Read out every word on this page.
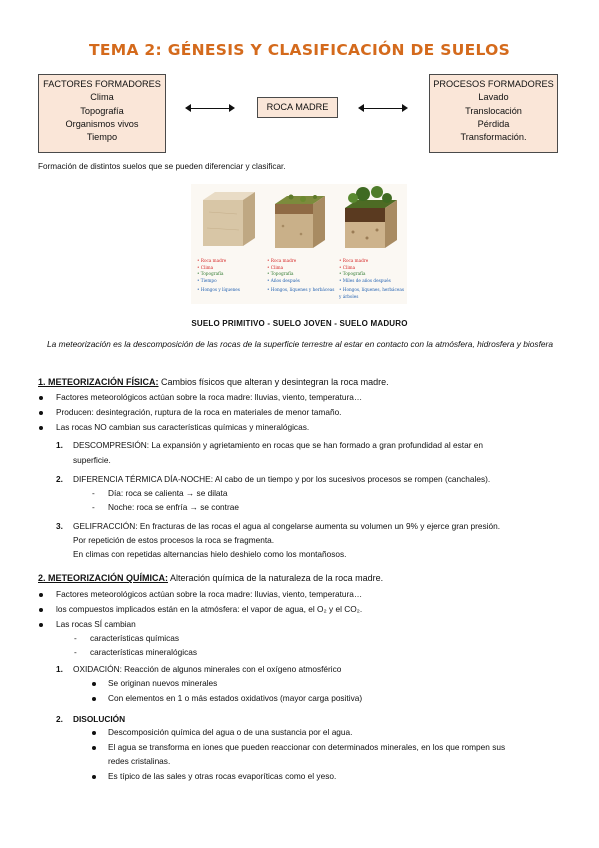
TEMA 2: GÉNESIS Y CLASIFICACIÓN DE SUELOS
FACTORES FORMADORES
Clima
Topografía
Organismos vivos
Tiempo
ROCA MADRE
PROCESOS FORMADORES
Lavado
Translocación
Pérdida
Transformación.
Formación de distintos suelos que se pueden diferenciar y clasificar.
• Roca madre
• Clima
• Topografía
• Tiempo
• Hongos y líquenes
• Roca madre
• Clima
• Topografía
• Años después
• Hongos, líquenes y herbáceas
• Roca madre
• Clima
• Topografía
• Miles de años después
• Hongos, líquenes, herbáceas y árboles
SUELO PRIMITIVO - SUELO JOVEN - SUELO MADURO
La meteorización es la descomposición de las rocas de la superficie terrestre al estar en contacto con la atmósfera, hidrosfera y biosfera
1. METEORIZACIÓN FÍSICA: Cambios físicos que alteran y desintegran la roca madre.
Factores meteorológicos actúan sobre la roca madre: lluvias, viento, temperatura…
Producen: desintegración, ruptura de la roca en materiales de menor tamaño.
Las rocas NO cambian sus características químicas y mineralógicas.
1. DESCOMPRESIÓN: La expansión y agrietamiento en rocas que se han formado a gran profundidad al estar en
superficie.
2. DIFERENCIA TÉRMICA DÍA-NOCHE: Al cabo de un tiempo y por los sucesivos procesos se rompen (canchales).
- Día: roca se calienta → se dilata
- Noche: roca se enfría → se contrae
3. GELIFRACCIÓN: En fracturas de las rocas el agua al congelarse aumenta su volumen un 9% y ejerce gran presión.
Por repetición de estos procesos la roca se fragmenta.
En climas con repetidas alternancias hielo deshielo como los montañosos.
2. METEORIZACIÓN QUÍMICA: Alteración química de la naturaleza de la roca madre.
Factores meteorológicos actúan sobre la roca madre: lluvias, viento, temperatura…
los compuestos implicados están en la atmósfera: el vapor de agua, el O₂ y el CO₂.
Las rocas SÍ cambian
- características químicas
- características mineralógicas
1. OXIDACIÓN: Reacción de algunos minerales con el oxígeno atmosférico
Se originan nuevos minerales
Con elementos en 1 o más estados oxidativos (mayor carga positiva)
2. DISOLUCIÓN
Descomposición química del agua o de una sustancia por el agua.
El agua se transforma en iones que pueden reaccionar con determinados minerales, en los que rompen sus
redes cristalinas.
Es típico de las sales y otras rocas evaporíticas como el yeso.
